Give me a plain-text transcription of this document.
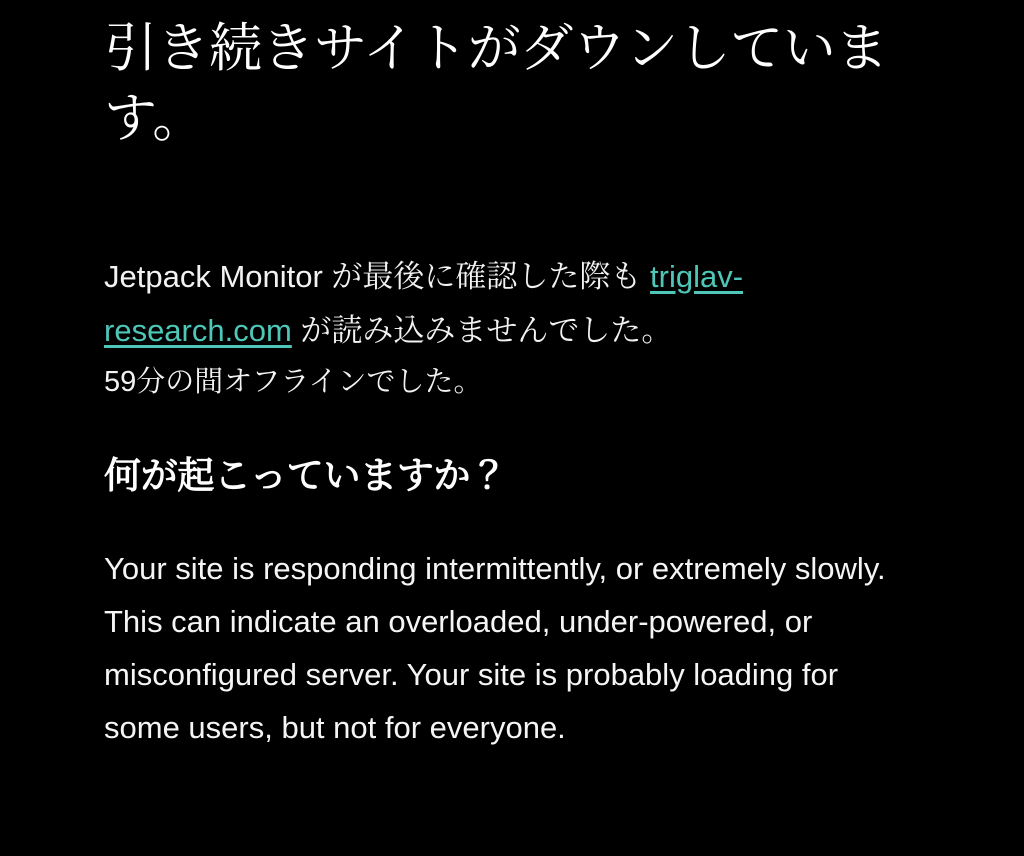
引き続きサイトがダウンしています。

Jetpack Monitor が最後に確認した際も triglav-research.com が読み込みませんでした。

59分の間オフラインでした。

何が起こっていますか？

Your site is responding intermittently, or extremely slowly. This can indicate an overloaded, under-powered, or misconfigured server. Your site is probably loading for some users, but not for everyone.
